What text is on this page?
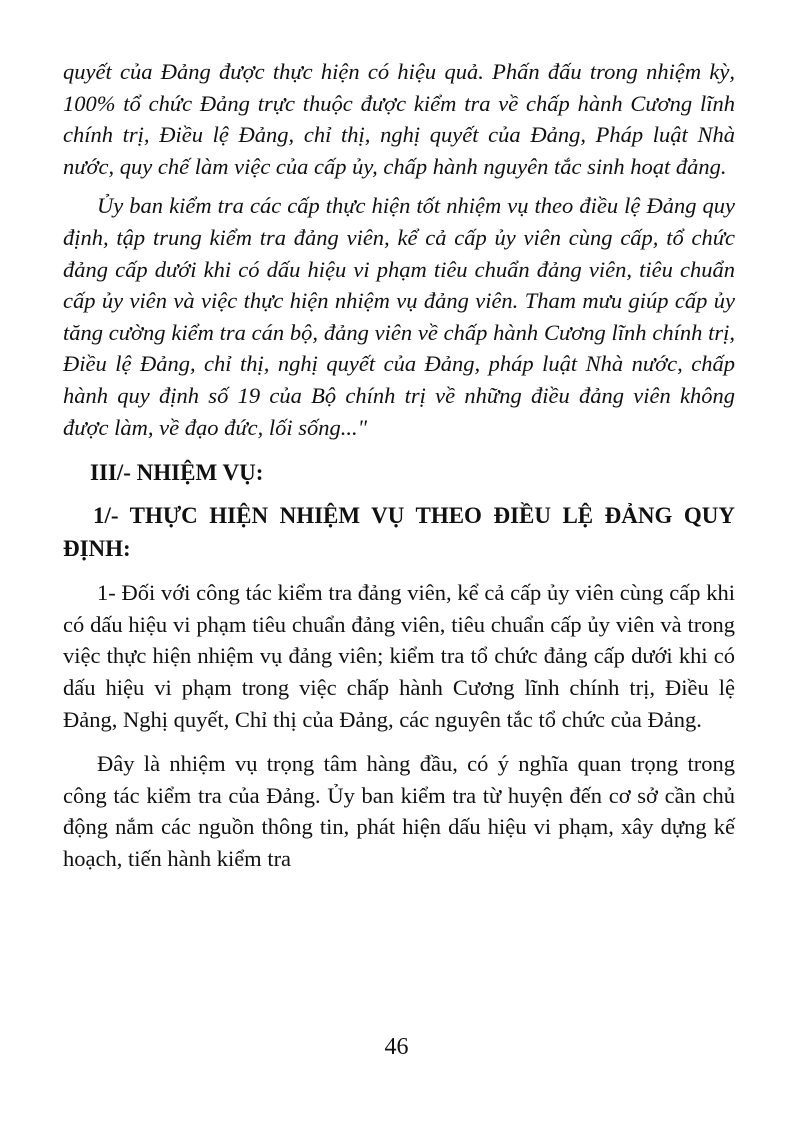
quyết của Đảng được thực hiện có hiệu quả. Phấn đấu trong nhiệm kỳ, 100% tổ chức Đảng trực thuộc được kiểm tra về chấp hành Cương lĩnh chính trị, Điều lệ Đảng, chỉ thị, nghị quyết của Đảng, Pháp luật Nhà nước, quy chế làm việc của cấp ủy, chấp hành nguyên tắc sinh hoạt đảng.

Ủy ban kiểm tra các cấp thực hiện tốt nhiệm vụ theo điều lệ Đảng quy định, tập trung kiểm tra đảng viên, kể cả cấp ủy viên cùng cấp, tổ chức đảng cấp dưới khi có dấu hiệu vi phạm tiêu chuẩn đảng viên, tiêu chuẩn cấp ủy viên và việc thực hiện nhiệm vụ đảng viên. Tham mưu giúp cấp ủy tăng cường kiểm tra cán bộ, đảng viên về chấp hành Cương lĩnh chính trị, Điều lệ Đảng, chỉ thị, nghị quyết của Đảng, pháp luật Nhà nước, chấp hành quy định số 19 của Bộ chính trị về những điều đảng viên không được làm, về đạo đức, lối sống..."

III/- NHIỆM VỤ:
1/- THỰC HIỆN NHIỆM VỤ THEO ĐIỀU LỆ ĐẢNG QUY ĐỊNH:

1- Đối với công tác kiểm tra đảng viên, kể cả cấp ủy viên cùng cấp khi có dấu hiệu vi phạm tiêu chuẩn đảng viên, tiêu chuẩn cấp ủy viên và trong việc thực hiện nhiệm vụ đảng viên; kiểm tra tổ chức đảng cấp dưới khi có dấu hiệu vi phạm trong việc chấp hành Cương lĩnh chính trị, Điều lệ Đảng, Nghị quyết, Chỉ thị của Đảng, các nguyên tắc tổ chức của Đảng.

Đây là nhiệm vụ trọng tâm hàng đầu, có ý nghĩa quan trọng trong công tác kiểm tra của Đảng. Ủy ban kiểm tra từ huyện đến cơ sở cần chủ động nắm các nguồn thông tin, phát hiện dấu hiệu vi phạm, xây dựng kế hoạch, tiến hành kiểm tra

46
